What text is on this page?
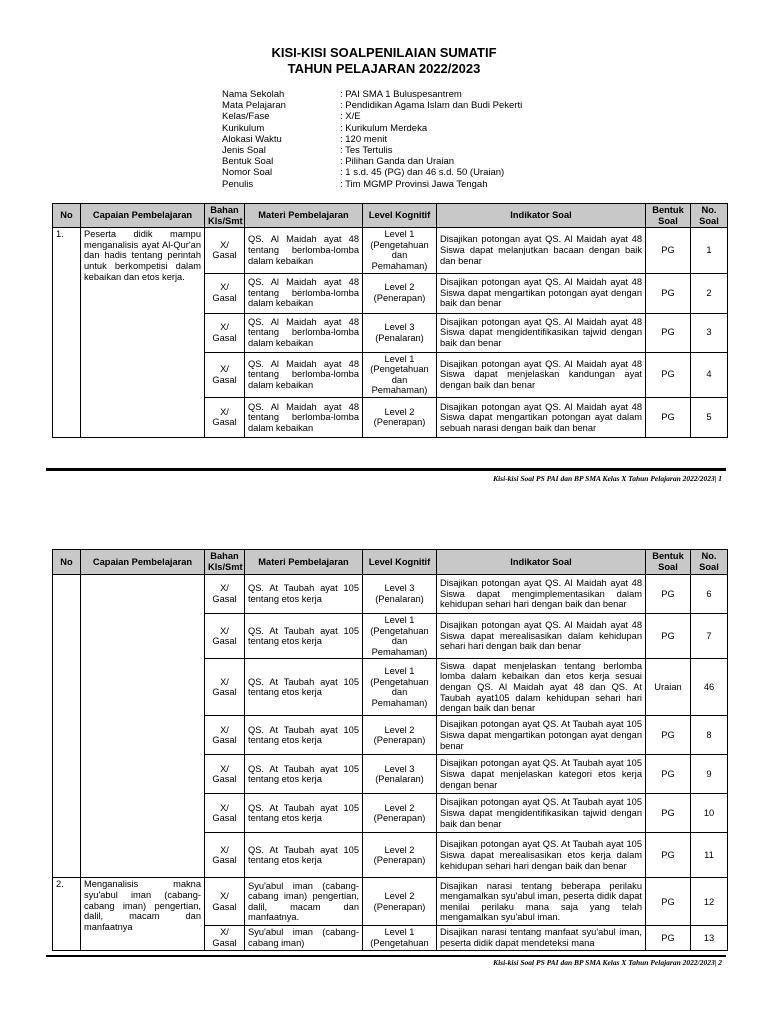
KISI-KISI SOALPENILAIAN SUMATIF
TAHUN PELAJARAN 2022/2023
Nama Sekolah	: PAI SMA 1 Buluspesantrem
Mata Pelajaran	: Pendidikan Agama Islam dan Budi Pekerti
Kelas/Fase	: X/E
Kurikulum	: Kurikulum Merdeka
Alokasi Waktu	: 120 menit
Jenis Soal	: Tes Tertulis
Bentuk Soal	: Pilihan Ganda dan Uraian
Nomor Soal	: 1 s.d. 45 (PG) dan 46 s.d. 50 (Uraian)
Penulis	: Tim MGMP Provinsi Jawa Tengah
No	Capaian Pembelajaran	Bahan Kls/Smt	Materi Pembelajaran	Level Kognitif	Indikator Soal	Bentuk Soal	No. Soal
1.	Peserta didik mampu menganalisis ayat Al-Qur'an dan hadis tentang perintah untuk berkompetisi dalam kebaikan dan etos kerja.	X/ Gasal	QS. Al Maidah ayat 48 tentang berlomba-lomba dalam kebaikan	Level 1 (Pengetahuan dan Pemahaman)	Disajikan potongan ayat QS. Al Maidah ayat 48 Siswa dapat melanjutkan bacaan dengan baik dan benar	PG	1
		X/ Gasal	QS. Al Maidah ayat 48 tentang berlomba-lomba dalam kebaikan	Level 2 (Penerapan)	Disajikan potongan ayat QS. Al Maidah ayat 48 Siswa dapat mengartikan potongan ayat dengan baik dan benar	PG	2
		X/ Gasal	QS. Al Maidah ayat 48 tentang berlomba-lomba dalam kebaikan	Level 3 (Penalaran)	Disajikan potongan ayat QS. Al Maidah ayat 48 Siswa dapat mengidentifikasikan tajwid dengan baik dan benar	PG	3
		X/ Gasal	QS. Al Maidah ayat 48 tentang berlomba-lomba dalam kebaikan	Level 1 (Pengetahuan dan Pemahaman)	Disajikan potongan ayat QS. Al Maidah ayat 48 Siswa dapat menjelaskan kandungan ayat dengan baik dan benar	PG	4
		X/ Gasal	QS. Al Maidah ayat 48 tentang berlomba-lomba dalam kebaikan	Level 2 (Penerapan)	Disajikan potongan ayat QS. Al Maidah ayat 48 Siswa dapat mengartikan potongan ayat dalam sebuah narasi dengan baik dan benar	PG	5
Kisi-kisi Soal PS PAI dan BP SMA Kelas X Tahun Pelajaran 2022/2023| 1
No	Capaian Pembelajaran	Bahan Kls/Smt	Materi Pembelajaran	Level Kognitif	Indikator Soal	Bentuk Soal	No. Soal
		X/ Gasal	QS. At Taubah ayat 105 tentang etos kerja	Level 3 (Penalaran)	Disajikan potongan ayat QS. Al Maidah ayat 48 Siswa dapat mengimplementasikan dalam kehidupan sehari hari dengan baik dan benar	PG	6
		X/ Gasal	QS. At Taubah ayat 105 tentang etos kerja	Level 1 (Pengetahuan dan Pemahaman)	Disajikan potongan ayat QS. Al Maidah ayat 48 Siswa dapat merealisasikan dalam kehidupan sehari hari dengan baik dan benar	PG	7
		X/ Gasal	QS. At Taubah ayat 105 tentang etos kerja	Level 1 (Pengetahuan dan Pemahaman)	Siswa dapat menjelaskan tentang berlomba lomba dalam kebaikan dan etos kerja sesuai dengan QS. Al Maidah ayat 48 dan QS. At Taubah ayat105 dalam kehidupan sehari hari dengan baik dan benar	Uraian	46
		X/ Gasal	QS. At Taubah ayat 105 tentang etos kerja	Level 2 (Penerapan)	Disajikan potongan ayat QS. At Taubah ayat 105 Siswa dapat mengartikan potongan ayat dengan benar	PG	8
		X/ Gasal	QS. At Taubah ayat 105 tentang etos kerja	Level 3 (Penalaran)	Disajikan potongan ayat QS. At Taubah ayat 105 Siswa dapat menjelaskan kategori etos kerja dengan benar	PG	9
		X/ Gasal	QS. At Taubah ayat 105 tentang etos kerja	Level 2 (Penerapan)	Disajikan potongan ayat QS. At Taubah ayat 105 Siswa dapat mengidentifikasikan tajwid dengan baik dan benar	PG	10
		X/ Gasal	QS. At Taubah ayat 105 tentang etos kerja	Level 2 (Penerapan)	Disajikan potongan ayat QS. At Taubah ayat 105 Siswa dapat merealisasikan etos kerja dalam kehidupan sehari hari dengan baik dan benar	PG	11
2.	Menganalisis makna syu'abul iman (cabang-cabang iman) pengertian, dalil, macam dan manfaatnya	X/ Gasal	Syu'abul iman (cabang-cabang iman) pengertian, dalil, macam dan manfaatnya.	Level 2 (Penerapan)	Disajikan narasi tentang beberapa perilaku mengamalkan syu'abul iman, peserta didik dapat menilai perilaku mana saja yang telah mengamalkan syu'abul iman.	PG	12
		X/ Gasal	Syu'abul iman (cabang-cabang iman)	Level 1 (Pengetahuan	Disajikan narasi tentang manfaat syu'abul iman, peserta didik dapat mendeteksi mana	PG	13
Kisi-kisi Soal PS PAI dan BP SMA Kelas X Tahun Pelajaran 2022/2023| 2
